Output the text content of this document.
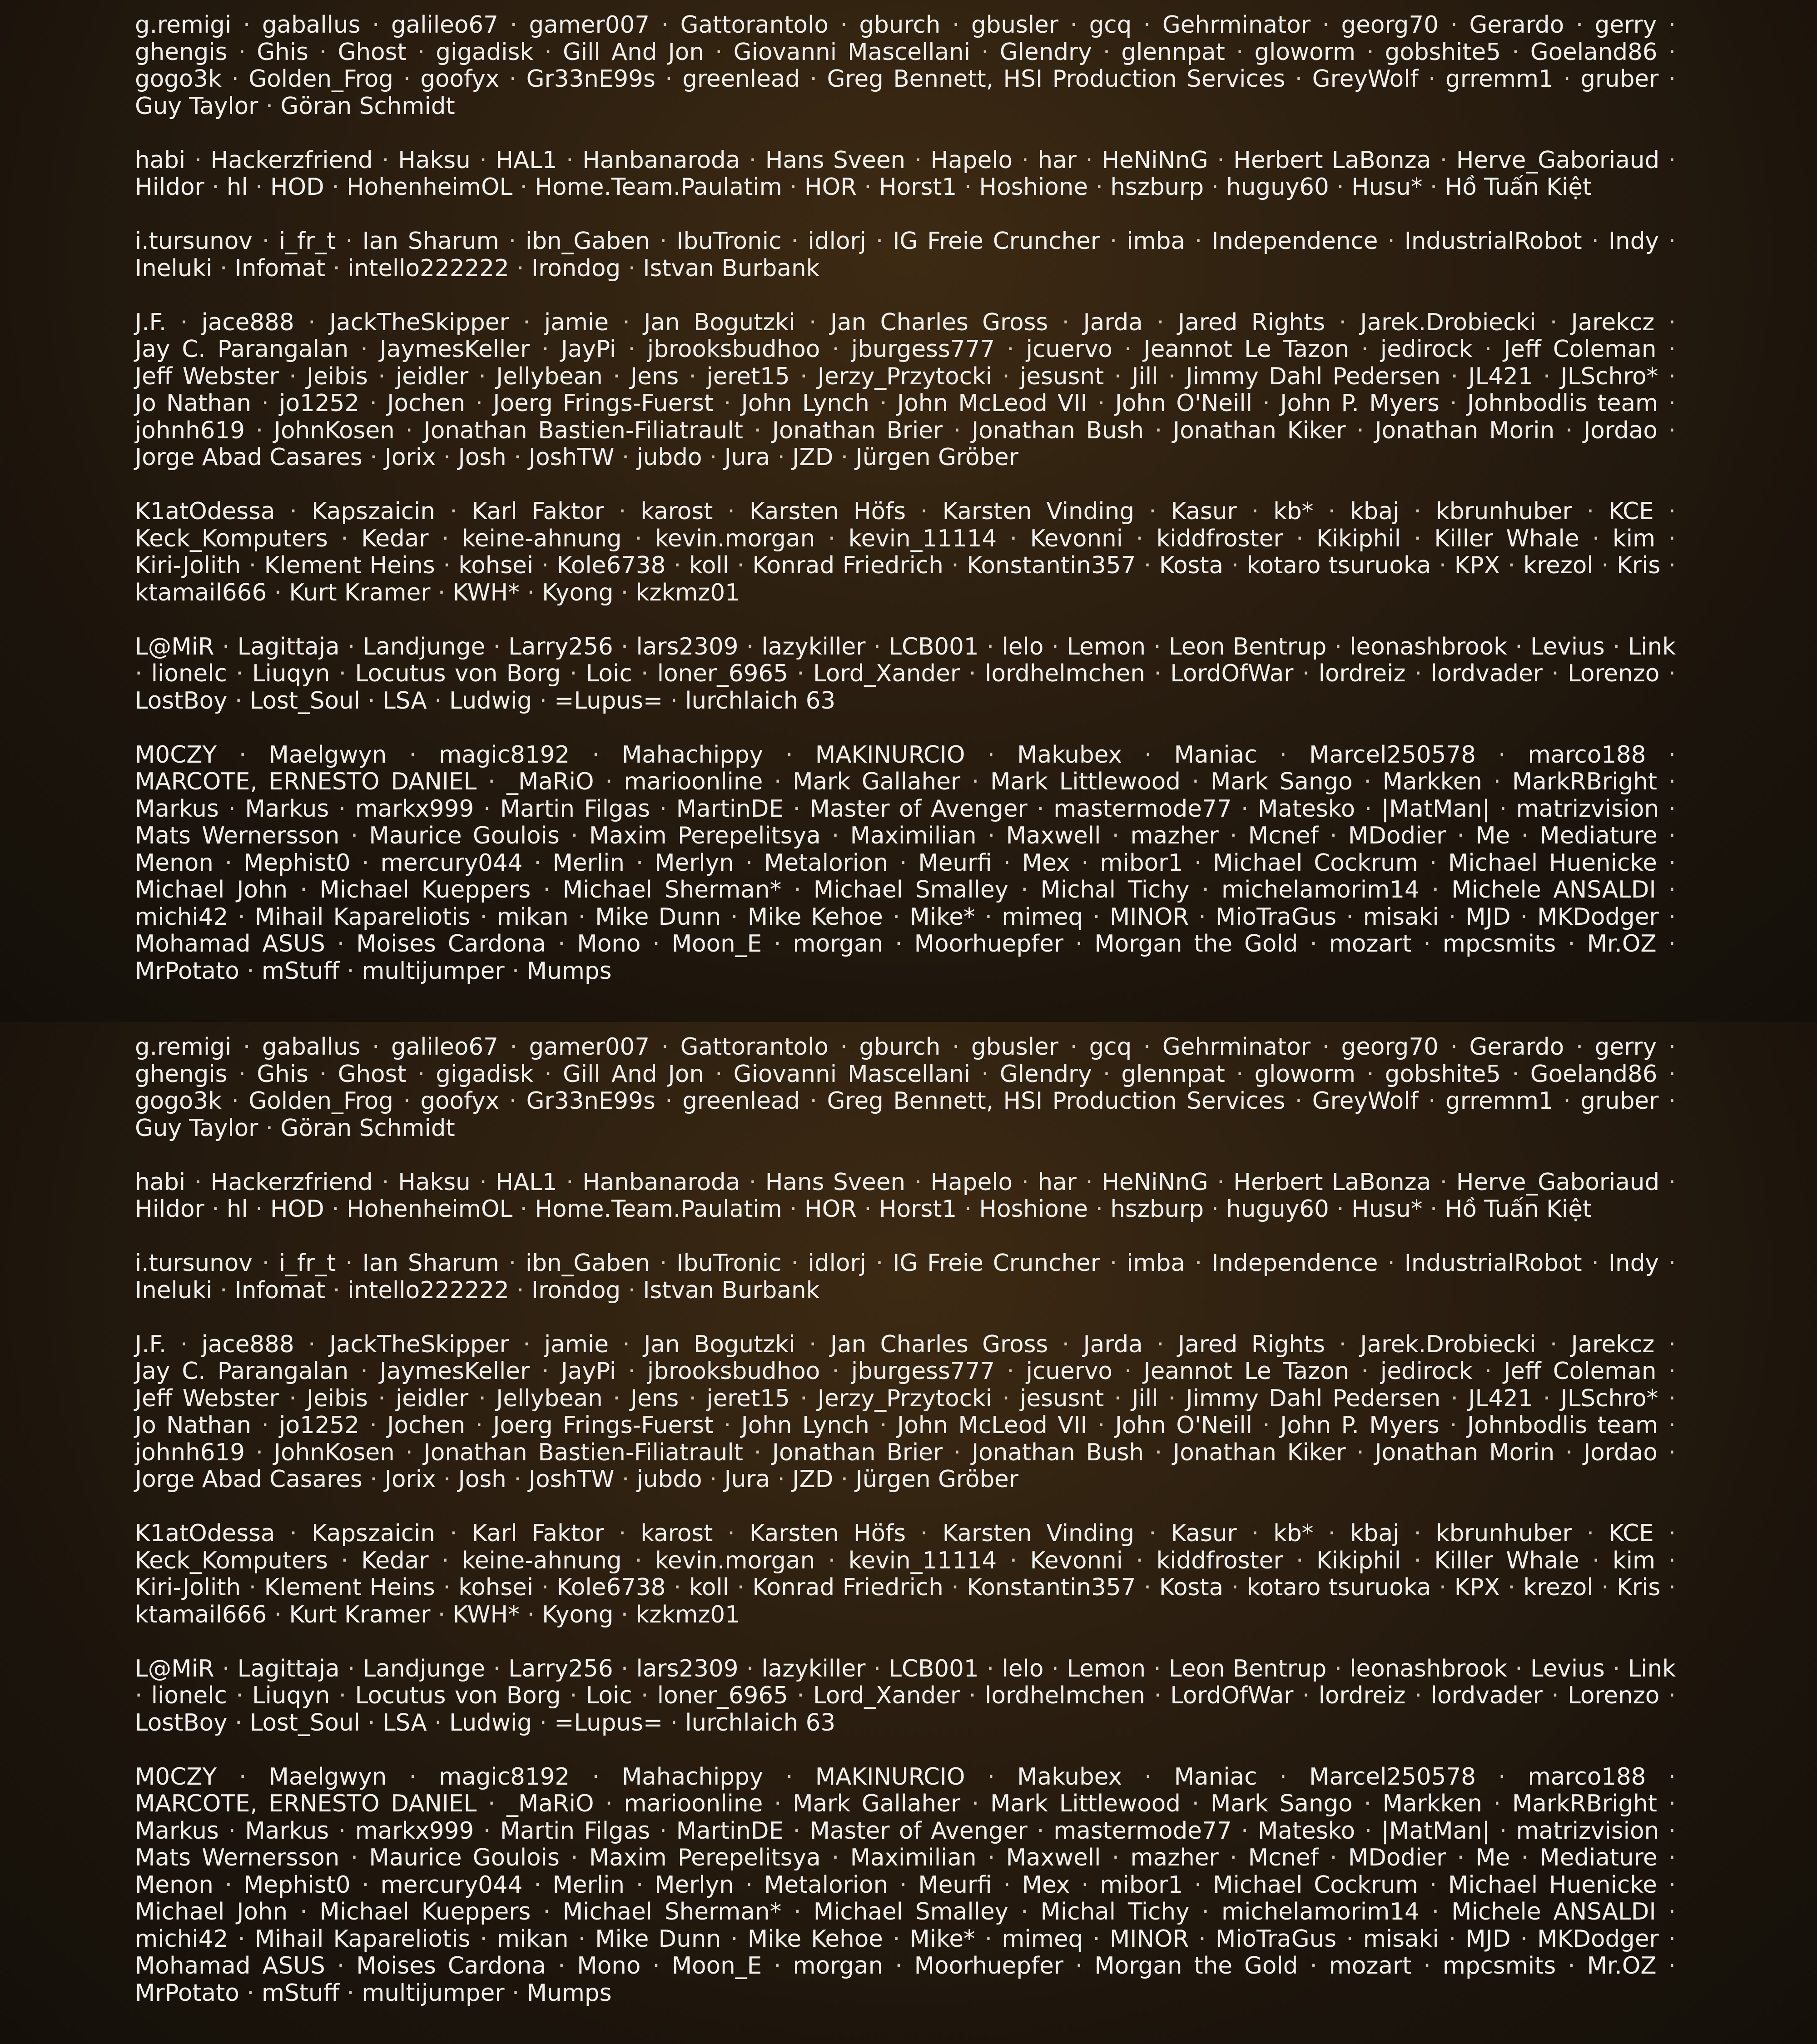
g.remigi · gaballus · galileo67 · gamer007 · Gattorantolo · gburch · gbusler · gcq · Gehrminator · georg70 · Gerardo · gerry · ghengis · Ghis · Ghost · gigadisk · Gill And Jon · Giovanni Mascellani · Glendry · glennpat · gloworm · gobshite5 · Goeland86 · gogo3k · Golden_Frog · goofyx · Gr33nE99s · greenlead · Greg Bennett, HSI Production Services · GreyWolf · grremm1 · gruber · Guy Taylor · Göran Schmidt
habi · Hackerzfriend · Haksu · HAL1 · Hanbanaroda · Hans Sveen · Hapelo · har · HeNiNnG · Herbert LaBonza · Herve_Gaboriaud · Hildor · hl · HOD · HohenheimOL · Home.Team.Paulatim · HOR · Horst1 · Hoshione · hszburp · huguy60 · Husu* · Hồ Tuấn Kiệt
i.tursunov · i_fr_t · Ian Sharum · ibn_Gaben · IbuTronic · idlorj · IG Freie Cruncher · imba · Independence · IndustrialRobot · Indy · Ineluki · Infomat · intello222222 · Irondog · Istvan Burbank
J.F. · jace888 · JackTheSkipper · jamie · Jan Bogutzki · Jan Charles Gross · Jarda · Jared Rights · Jarek.Drobiecki · Jarekcz · Jay C. Parangalan · JaymesKeller · JayPi · jbrooksbudhoo · jburgess777 · jcuervo · Jeannot Le Tazon · jedirock · Jeff Coleman · Jeff Webster · Jeibis · jeidler · Jellybean · Jens · jeret15 · Jerzy_Przytocki · jesusnt · Jill · Jimmy Dahl Pedersen · JL421 · JLSchro* · Jo Nathan · jo1252 · Jochen · Joerg Frings-Fuerst · John Lynch · John McLeod VII · John O'Neill · John P. Myers · Johnbodlis team · johnh619 · JohnKosen · Jonathan Bastien-Filiatrault · Jonathan Brier · Jonathan Bush · Jonathan Kiker · Jonathan Morin · Jordao · Jorge Abad Casares · Jorix · Josh · JoshTW · jubdo · Jura · JZD · Jürgen Gröber
K1atOdessa · Kapszaicin · Karl Faktor · karost · Karsten Höfs · Karsten Vinding · Kasur · kb* · kbaj · kbrunhuber · KCE · Keck_Komputers · Kedar · keine-ahnung · kevin.morgan · kevin_11114 · Kevonni · kiddfroster · Kikiphil · Killer Whale · kim · Kiri-Jolith · Klement Heins · kohsei · Kole6738 · koll · Konrad Friedrich · Konstantin357 · Kosta · kotaro tsuruoka · KPX · krezol · Kris · ktamail666 · Kurt Kramer · KWH* · Kyong · kzkmz01
L@MiR · Lagittaja · Landjunge · Larry256 · lars2309 · lazykiller · LCB001 · lelo · Lemon · Leon Bentrup · leonashbrook · Levius · Link · lionelc · Liuqyn · Locutus von Borg · Loic · loner_6965 · Lord_Xander · lordhelmchen · LordOfWar · lordreiz · lordvader · Lorenzo · LostBoy · Lost_Soul · LSA · Ludwig · =Lupus= · lurchlaich 63
M0CZY · Maelgwyn · magic8192 · Mahachippy · MAKINURCIO · Makubex · Maniac · Marcel250578 · marco188 · MARCOTE, ERNESTO DANIEL · _MaRiO · marioonline · Mark Gallaher · Mark Littlewood · Mark Sango · Markken · MarkRBright · Markus · Markus · markx999 · Martin Filgas · MartinDE · Master of Avenger · mastermode77 · Matesko · |MatMan| · matrizvision · Mats Wernersson · Maurice Goulois · Maxim Perepelitsya · Maximilian · Maxwell · mazher · Mcnef · MDodier · Me · Mediature · Menon · Mephist0 · mercury044 · Merlin · Merlyn · Metalorion · Meurfi · Mex · mibor1 · Michael Cockrum · Michael Huenicke · Michael John · Michael Kueppers · Michael Sherman* · Michael Smalley · Michal Tichy · michelamorim14 · Michele ANSALDI · michi42 · Mihail Kapareliotis · mikan · Mike Dunn · Mike Kehoe · Mike* · mimeq · MINOR · MioTraGus · misaki · MJD · MKDodger · Mohamad ASUS · Moises Cardona · Mono · Moon_E · morgan · Moorhuepfer · Morgan the Gold · mozart · mpcsmits · Mr.OZ · MrPotato · mStuff · multijumper · Mumps
g.remigi · gaballus · galileo67 · gamer007 · Gattorantolo · gburch · gbusler · gcq · Gehrminator · georg70 · Gerardo · gerry · ghengis · Ghis · Ghost · gigadisk · Gill And Jon · Giovanni Mascellani · Glendry · glennpat · gloworm · gobshite5 · Goeland86 · gogo3k · Golden_Frog · goofyx · Gr33nE99s · greenlead · Greg Bennett, HSI Production Services · GreyWolf · grremm1 · gruber · Guy Taylor · Göran Schmidt
habi · Hackerzfriend · Haksu · HAL1 · Hanbanaroda · Hans Sveen · Hapelo · har · HeNiNnG · Herbert LaBonza · Herve_Gaboriaud · Hildor · hl · HOD · HohenheimOL · Home.Team.Paulatim · HOR · Horst1 · Hoshione · hszburp · huguy60 · Husu* · Hồ Tuấn Kiệt
i.tursunov · i_fr_t · Ian Sharum · ibn_Gaben · IbuTronic · idlorj · IG Freie Cruncher · imba · Independence · IndustrialRobot · Indy · Ineluki · Infomat · intello222222 · Irondog · Istvan Burbank
J.F. · jace888 · JackTheSkipper · jamie · Jan Bogutzki · Jan Charles Gross · Jarda · Jared Rights · Jarek.Drobiecki · Jarekcz · Jay C. Parangalan · JaymesKeller · JayPi · jbrooksbudhoo · jburgess777 · jcuervo · Jeannot Le Tazon · jedirock · Jeff Coleman · Jeff Webster · Jeibis · jeidler · Jellybean · Jens · jeret15 · Jerzy_Przytocki · jesusnt · Jill · Jimmy Dahl Pedersen · JL421 · JLSchro* · Jo Nathan · jo1252 · Jochen · Joerg Frings-Fuerst · John Lynch · John McLeod VII · John O'Neill · John P. Myers · Johnbodlis team · johnh619 · JohnKosen · Jonathan Bastien-Filiatrault · Jonathan Brier · Jonathan Bush · Jonathan Kiker · Jonathan Morin · Jordao · Jorge Abad Casares · Jorix · Josh · JoshTW · jubdo · Jura · JZD · Jürgen Gröber
K1atOdessa · Kapszaicin · Karl Faktor · karost · Karsten Höfs · Karsten Vinding · Kasur · kb* · kbaj · kbrunhuber · KCE · Keck_Komputers · Kedar · keine-ahnung · kevin.morgan · kevin_11114 · Kevonni · kiddfroster · Kikiphil · Killer Whale · kim · Kiri-Jolith · Klement Heins · kohsei · Kole6738 · koll · Konrad Friedrich · Konstantin357 · Kosta · kotaro tsuruoka · KPX · krezol · Kris · ktamail666 · Kurt Kramer · KWH* · Kyong · kzkmz01
L@MiR · Lagittaja · Landjunge · Larry256 · lars2309 · lazykiller · LCB001 · lelo · Lemon · Leon Bentrup · leonashbrook · Levius · Link · lionelc · Liuqyn · Locutus von Borg · Loic · loner_6965 · Lord_Xander · lordhelmchen · LordOfWar · lordreiz · lordvader · Lorenzo · LostBoy · Lost_Soul · LSA · Ludwig · =Lupus= · lurchlaich 63
M0CZY · Maelgwyn · magic8192 · Mahachippy · MAKINURCIO · Makubex · Maniac · Marcel250578 · marco188 · MARCOTE, ERNESTO DANIEL · _MaRiO · marioonline · Mark Gallaher · Mark Littlewood · Mark Sango · Markken · MarkRBright · Markus · Markus · markx999 · Martin Filgas · MartinDE · Master of Avenger · mastermode77 · Matesko · |MatMan| · matrizvision · Mats Wernersson · Maurice Goulois · Maxim Perepelitsya · Maximilian · Maxwell · mazher · Mcnef · MDodier · Me · Mediature · Menon · Mephist0 · mercury044 · Merlin · Merlyn · Metalorion · Meurfi · Mex · mibor1 · Michael Cockrum · Michael Huenicke · Michael John · Michael Kueppers · Michael Sherman* · Michael Smalley · Michal Tichy · michelamorim14 · Michele ANSALDI · michi42 · Mihail Kapareliotis · mikan · Mike Dunn · Mike Kehoe · Mike* · mimeq · MINOR · MioTraGus · misaki · MJD · MKDodger · Mohamad ASUS · Moises Cardona · Mono · Moon_E · morgan · Moorhuepfer · Morgan the Gold · mozart · mpcsmits · Mr.OZ · MrPotato · mStuff · multijumper · Mumps
